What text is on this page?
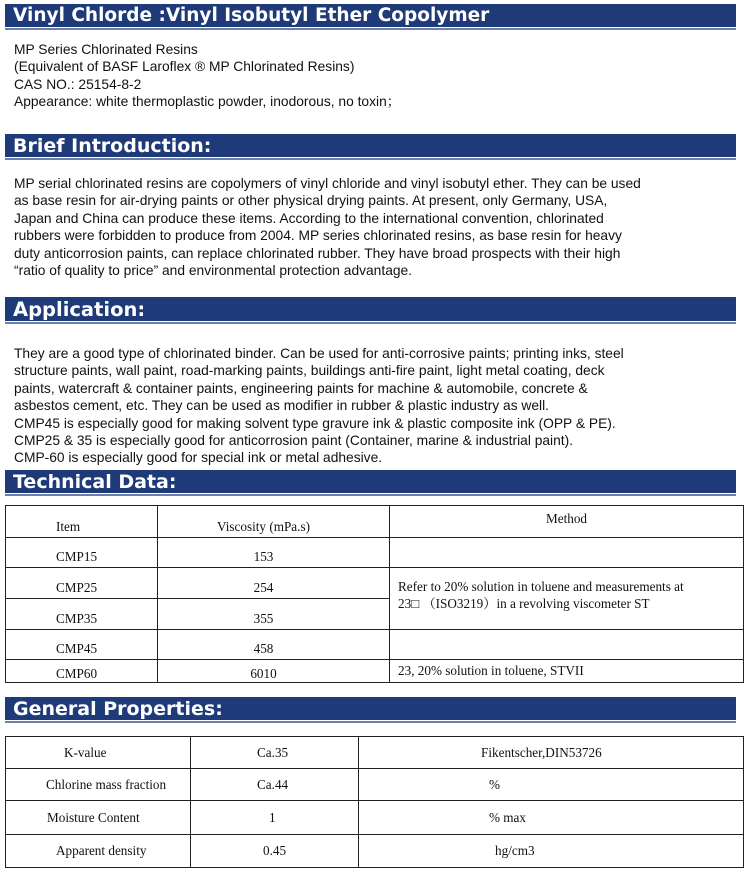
Vinyl Chlorde :Vinyl Isobutyl Ether Copolymer
MP Series Chlorinated Resins
(Equivalent of BASF Laroflex ® MP Chlorinated Resins)
CAS NO.: 25154-8-2
Appearance: white thermoplastic powder, inodorous, no toxin；
Brief Introduction:
MP serial chlorinated resins are copolymers of vinyl chloride and vinyl isobutyl ether. They can be used
as base resin for air-drying paints or other physical drying paints. At present, only Germany, USA,
Japan and China can produce these items. According to the international convention, chlorinated
rubbers were forbidden to produce from 2004. MP series chlorinated resins, as base resin for heavy
duty anticorrosion paints, can replace chlorinated rubber. They have broad prospects with their high
“ratio of quality to price” and environmental protection advantage.
Application:
They are a good type of chlorinated binder. Can be used for anti-corrosive paints; printing inks, steel
structure paints, wall paint, road-marking paints, buildings anti-fire paint, light metal coating, deck
paints, watercraft & container paints, engineering paints for machine & automobile, concrete &
asbestos cement, etc. They can be used as modifier in rubber & plastic industry as well.
CMP45 is especially good for making solvent type gravure ink & plastic composite ink (OPP & PE).
CMP25 & 35 is especially good for anticorrosion paint (Container, marine & industrial paint).
CMP-60 is especially good for special ink or metal adhesive.
Technical Data:
Item	Viscosity (mPa.s)	Method
CMP15	153	
CMP25	254	Refer to 20% solution in toluene and measurements at
23□ （ISO3219）in a revolving viscometer ST

CMP35	355	
CMP45	458	
CMP60	6010	23, 20% solution in toluene, STVII
General Properties:
K-value	Ca.35	Fikentscher,DIN53726
Chlorine mass fraction	Ca.44	%
Moisture Content	1	% max
Apparent density	0.45	hg/cm3
